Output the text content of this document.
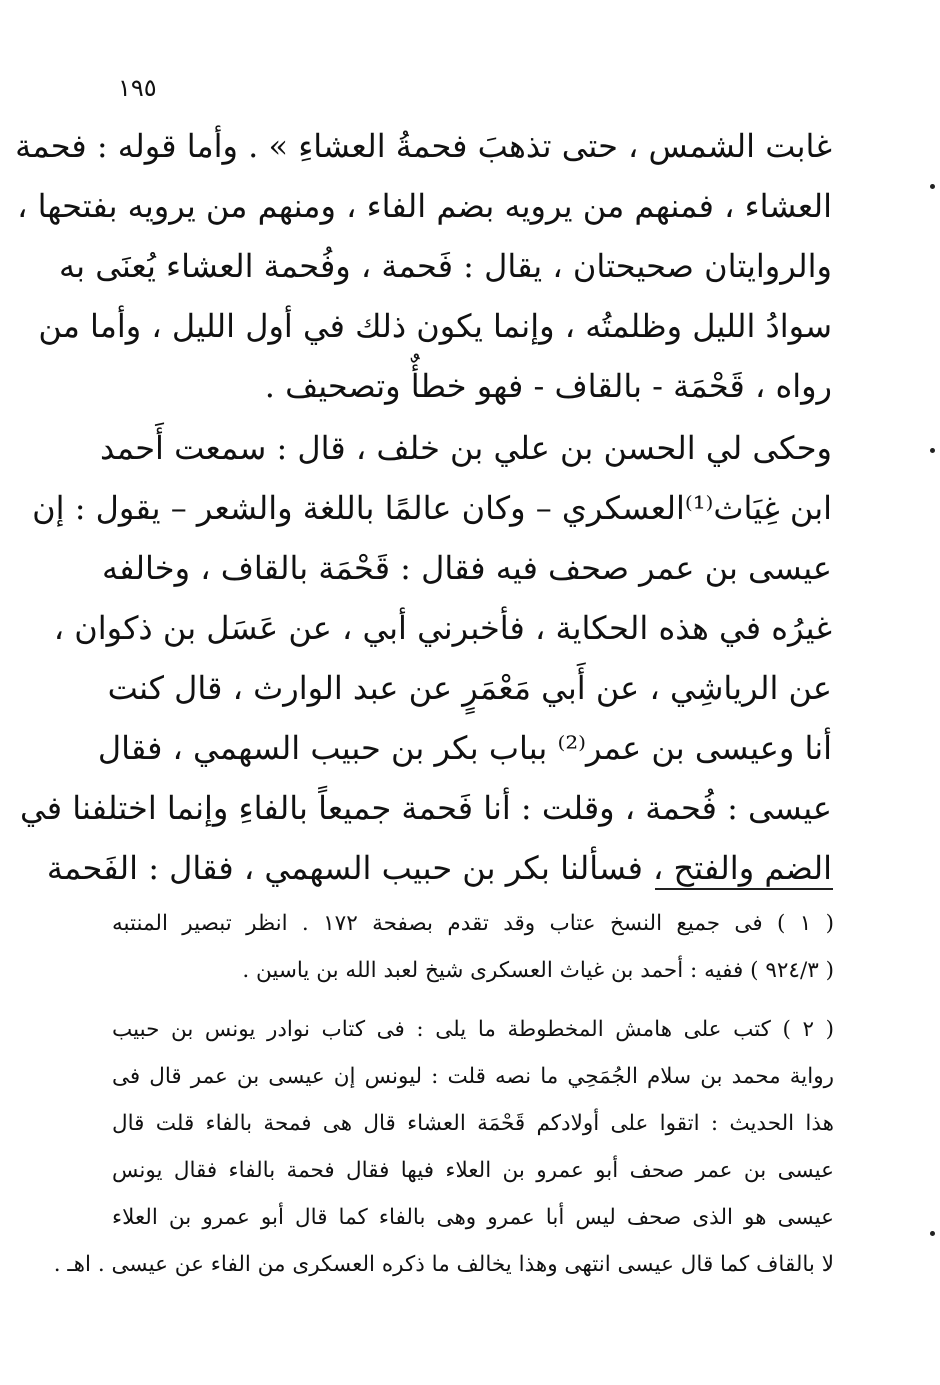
١٩٥
غابت الشمس ، حتى تذهبَ فحمةُ العشاءِ » . وأما قوله : فحمة
العشاء ، فمنهم من يرويه بضم الفاء ، ومنهم من يرويه بفتحها ،
والروايتان صحيحتان ، يقال : فَحمة ، وفُحمة العشاء يُعنَى به
سوادُ الليل وظلمتُه ، وإنما يكون ذلك في أول الليل ، وأما من
رواه ، قَحْمَة - بالقاف - فهو خطأٌ وتصحيف .
وحكى لي الحسن بن علي بن خلف ، قال : سمعت أَحمد
ابن غِيَاث⁽¹⁾العسكري – وكان عالمًا باللغة والشعر – يقول : إن
عيسى بن عمر صحف فيه فقال : قَحْمَة بالقاف ، وخالفه
غيرُه في هذه الحكاية ، فأخبرني أبي ، عن عَسَل بن ذكوان ،
عن الرياشِي ، عن أَبي مَعْمَرٍ عن عبد الوارث ، قال كنت
أنا وعيسى بن عمر⁽²⁾ بباب بكر بن حبيب السهمي ، فقال
عيسى : فُحمة ، وقلت : أنا فَحمة جميعاً بالفاءِ وإنما اختلفنا في
الضم والفتح ، فسألنا بكر بن حبيب السهمي ، فقال : الفَحمة
( ١ ) فى جميع النسخ عتاب وقد تقدم بصفحة ١٧٢ . انظر تبصير المنتبه
( ٩٢٤/٣ ) ففيه : أحمد بن غياث العسكرى شيخ لعبد الله بن ياسين .
( ٢ ) كتب على هامش المخطوطة ما يلى : فى كتاب نوادر يونس بن حبيب
رواية محمد بن سلام الجُمَحِي ما نصه قلت : ليونس إن عيسى بن عمر قال فى
هذا الحديث : اتقوا على أولادكم قَحْمَة العشاء قال هى فمحة بالفاء قلت قال
عيسى بن عمر صحف أبو عمرو بن العلاء فيها فقال فحمة بالفاء فقال يونس
عيسى هو الذى صحف ليس أبا عمرو وهى بالفاء كما قال أبو عمرو بن العلاء
لا بالقاف كما قال عيسى انتهى وهذا يخالف ما ذكره العسكرى من الفاء عن عيسى . اهـ .
